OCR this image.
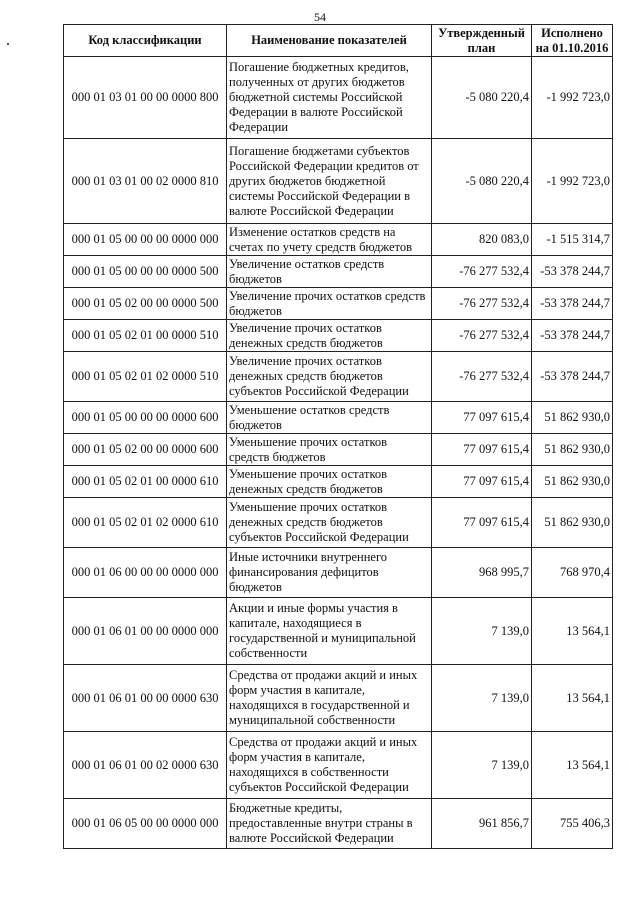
54
Код классификации	Наименование показателей	Утвержденный план	Исполнено на 01.10.2016
000 01 03 01 00 00 0000 800	Погашение бюджетных кредитов, полученных от других бюджетов бюджетной системы Российской Федерации в валюте Российской Федерации	-5 080 220,4	-1 992 723,0
000 01 03 01 00 02 0000 810	Погашение бюджетами субъектов Российской Федерации кредитов от других бюджетов бюджетной системы Российской Федерации в валюте Российской Федерации	-5 080 220,4	-1 992 723,0
000 01 05 00 00 00 0000 000	Изменение остатков средств на счетах по учету средств бюджетов	820 083,0	-1 515 314,7
000 01 05 00 00 00 0000 500	Увеличение остатков средств бюджетов	-76 277 532,4	-53 378 244,7
000 01 05 02 00 00 0000 500	Увеличение прочих остатков средств бюджетов	-76 277 532,4	-53 378 244,7
000 01 05 02 01 00 0000 510	Увеличение прочих остатков денежных средств бюджетов	-76 277 532,4	-53 378 244,7
000 01 05 02 01 02 0000 510	Увеличение прочих остатков денежных средств бюджетов субъектов Российской Федерации	-76 277 532,4	-53 378 244,7
000 01 05 00 00 00 0000 600	Уменьшение остатков средств бюджетов	77 097 615,4	51 862 930,0
000 01 05 02 00 00 0000 600	Уменьшение прочих остатков средств бюджетов	77 097 615,4	51 862 930,0
000 01 05 02 01 00 0000 610	Уменьшение прочих остатков денежных средств бюджетов	77 097 615,4	51 862 930,0
000 01 05 02 01 02 0000 610	Уменьшение прочих остатков денежных средств бюджетов субъектов Российской Федерации	77 097 615,4	51 862 930,0
000 01 06 00 00 00 0000 000	Иные источники внутреннего финансирования дефицитов бюджетов	968 995,7	768 970,4
000 01 06 01 00 00 0000 000	Акции и иные формы участия в капитале, находящиеся в государственной и муниципальной собственности	7 139,0	13 564,1
000 01 06 01 00 00 0000 630	Средства от продажи акций и иных форм участия в капитале, находящихся в государственной и муниципальной собственности	7 139,0	13 564,1
000 01 06 01 00 02 0000 630	Средства от продажи акций и иных форм участия в капитале, находящихся в собственности субъектов Российской Федерации	7 139,0	13 564,1
000 01 06 05 00 00 0000 000	Бюджетные кредиты, предоставленные внутри страны в валюте Российской Федерации	961 856,7	755 406,3
